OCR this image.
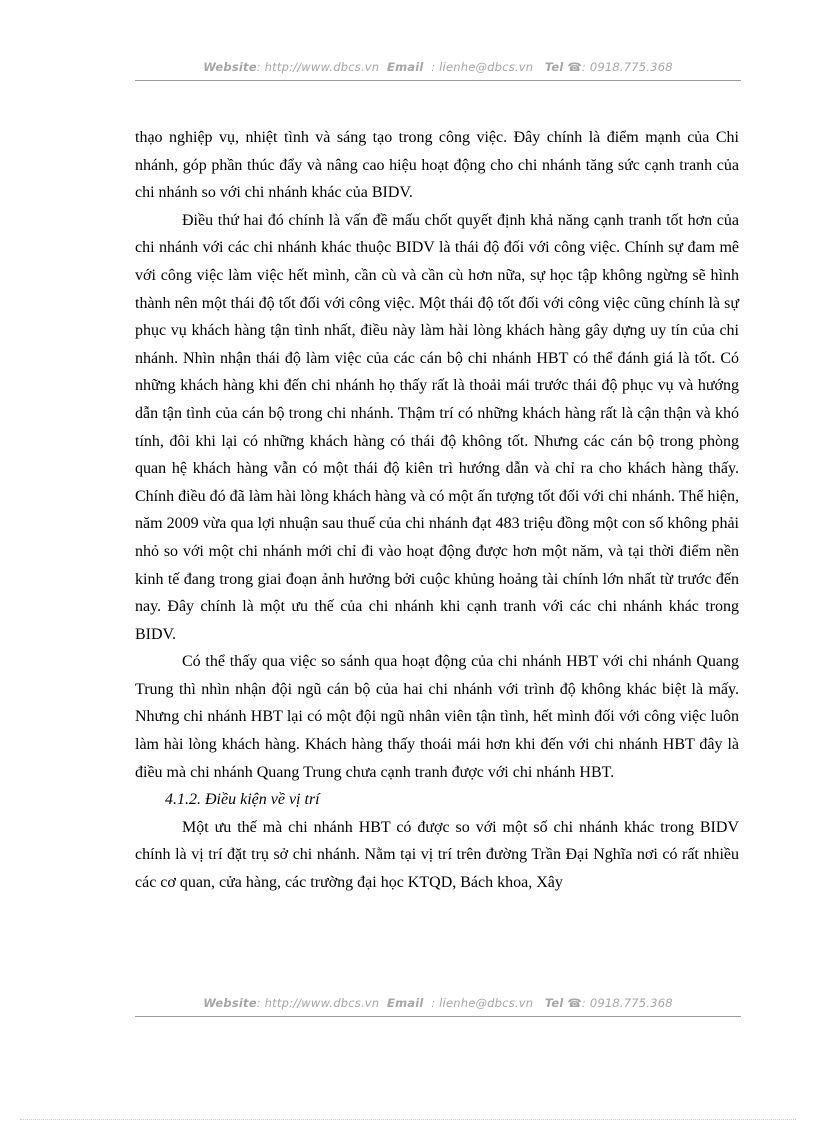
Website: http://www.dbcs.vn Email : lienhe@dbcs.vn Tel ☎: 0918.775.368

thạo nghiệp vụ, nhiệt tình và sáng tạo trong công việc. Đây chính là điểm mạnh của Chi nhánh, góp phần thúc đẩy và nâng cao hiệu hoạt động cho chi nhánh tăng sức cạnh tranh của chi nhánh so với chi nhánh khác của BIDV.

Điều thứ hai đó chính là vấn đề mấu chốt quyết định khả năng cạnh tranh tốt hơn của chi nhánh với các chi nhánh khác thuộc BIDV là thái độ đối với công việc. Chính sự đam mê với công việc làm việc hết mình, cần cù và cần cù hơn nữa, sự học tập không ngừng sẽ hình thành nên một thái độ tốt đối với công việc. Một thái độ tốt đối với công việc cũng chính là sự phục vụ khách hàng tận tình nhất, điều này làm hài lòng khách hàng gây dựng uy tín của chi nhánh. Nhìn nhận thái độ làm việc của các cán bộ chi nhánh HBT có thể đánh giá là tốt. Có những khách hàng khi đến chi nhánh họ thấy rất là thoải mái trước thái độ phục vụ và hướng dẫn tận tình của cán bộ trong chi nhánh. Thậm trí có những khách hàng rất là cận thận và khó tính, đôi khi lại có những khách hàng có thái độ không tốt. Nhưng các cán bộ trong phòng quan hệ khách hàng vẫn có một thái độ kiên trì hướng dẫn và chỉ ra cho khách hàng thấy. Chính điều đó đã làm hài lòng khách hàng và có một ấn tượng tốt đối với chi nhánh. Thể hiện, năm 2009 vừa qua lợi nhuận sau thuế của chi nhánh đạt 483 triệu đồng một con số không phải nhỏ so với một chi nhánh mới chỉ đi vào hoạt động được hơn một năm, và tại thời điểm nền kinh tế đang trong giai đoạn ảnh hưởng bởi cuộc khủng hoảng tài chính lớn nhất từ trước đến nay. Đây chính là một ưu thế của chi nhánh khi cạnh tranh với các chi nhánh khác trong BIDV.

Có thể thấy qua việc so sánh qua hoạt động của chi nhánh HBT với chi nhánh Quang Trung thì nhìn nhận đội ngũ cán bộ của hai chi nhánh với trình độ không khác biệt là mấy. Nhưng chi nhánh HBT lại có một đội ngũ nhân viên tận tình, hết mình đối với công việc luôn làm hài lòng khách hàng. Khách hàng thấy thoái mái hơn khi đến với chi nhánh HBT đây là điều mà chi nhánh Quang Trung chưa cạnh tranh được với chi nhánh HBT.

4.1.2. Điều kiện về vị trí

Một ưu thế mà chi nhánh HBT có được so với một số chi nhánh khác trong BIDV chính là vị trí đặt trụ sở chi nhánh. Nằm tại vị trí trên đường Trần Đại Nghĩa nơi có rất nhiều các cơ quan, cửa hàng, các trường đại học KTQD, Bách khoa, Xây

Website: http://www.dbcs.vn Email : lienhe@dbcs.vn Tel ☎: 0918.775.368
